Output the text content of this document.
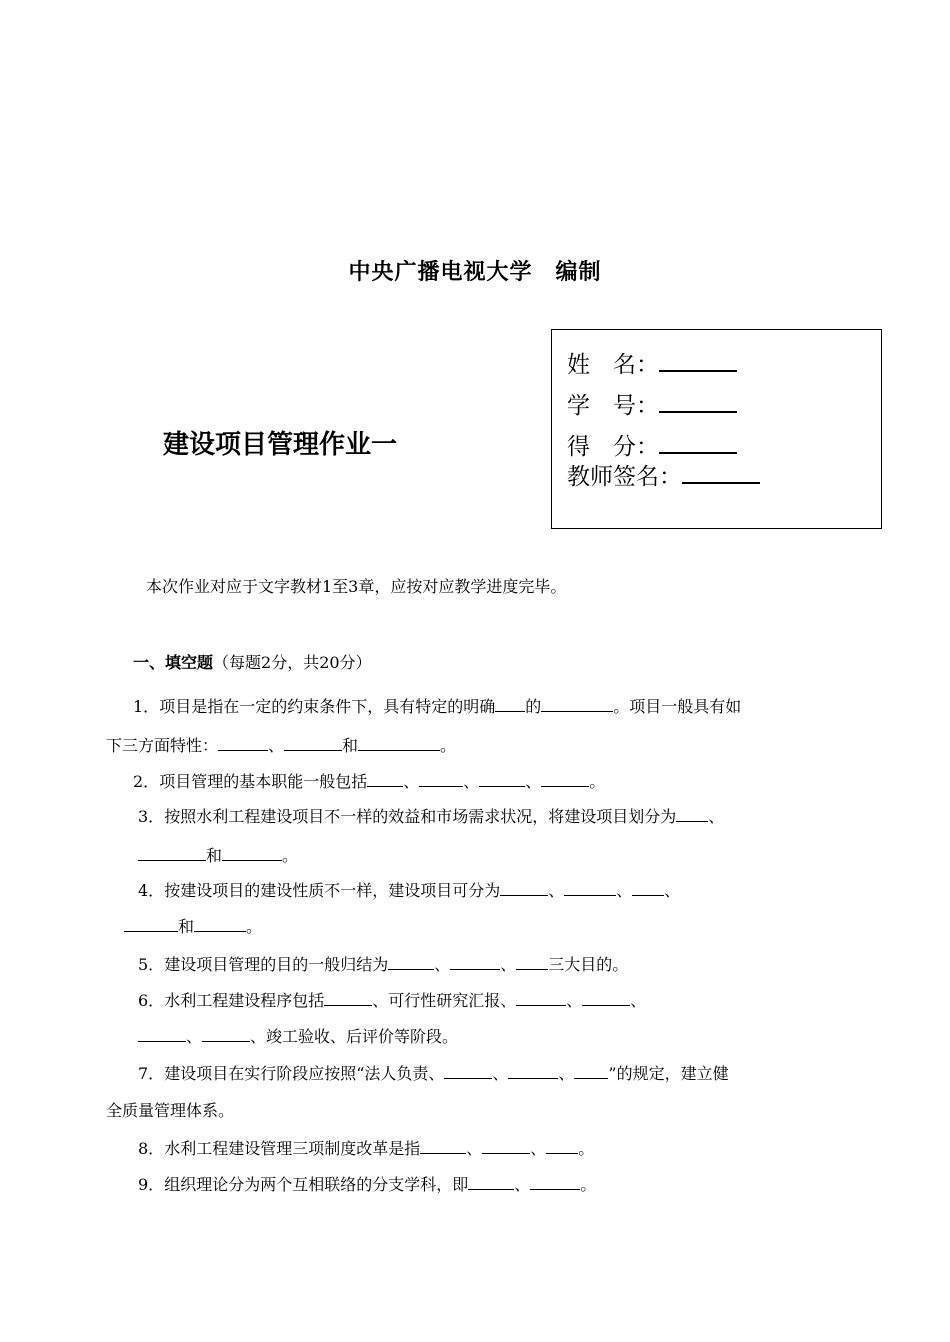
中央广播电视大学　编制
建设项目管理作业一
姓　名：
学　号：
得　分：
教师签名：
本次作业对应于文字教材1至3章，应按对应教学进度完毕。
一、填空题（每题2分，共20分）
1．项目是指在一定的约束条件下，具有特定的明确 的	。项目一般具有如
下三方面特性：	、	和	。
2．项目管理的基本职能一般包括 、	、	、	。
3．按照水利工程建设项目不一样的效益和市场需求状况，将建设项目划分为 、
和	。
4．按建设项目的建设性质不一样，建设项目可分为	、	、 、
和	。
5．建设项目管理的目的一般归结为	、	、 三大目的。
6．水利工程建设程序包括	、可行性研究汇报、	、	、
、	、竣工验收、后评价等阶段。
7．建设项目在实行阶段应按照“法人负责、	、	、 ”的规定，建立健
全质量管理体系。
8．水利工程建设管理三项制度改革是指	、	、 。
9．组织理论分为两个互相联络的分支学科，即	、	。
